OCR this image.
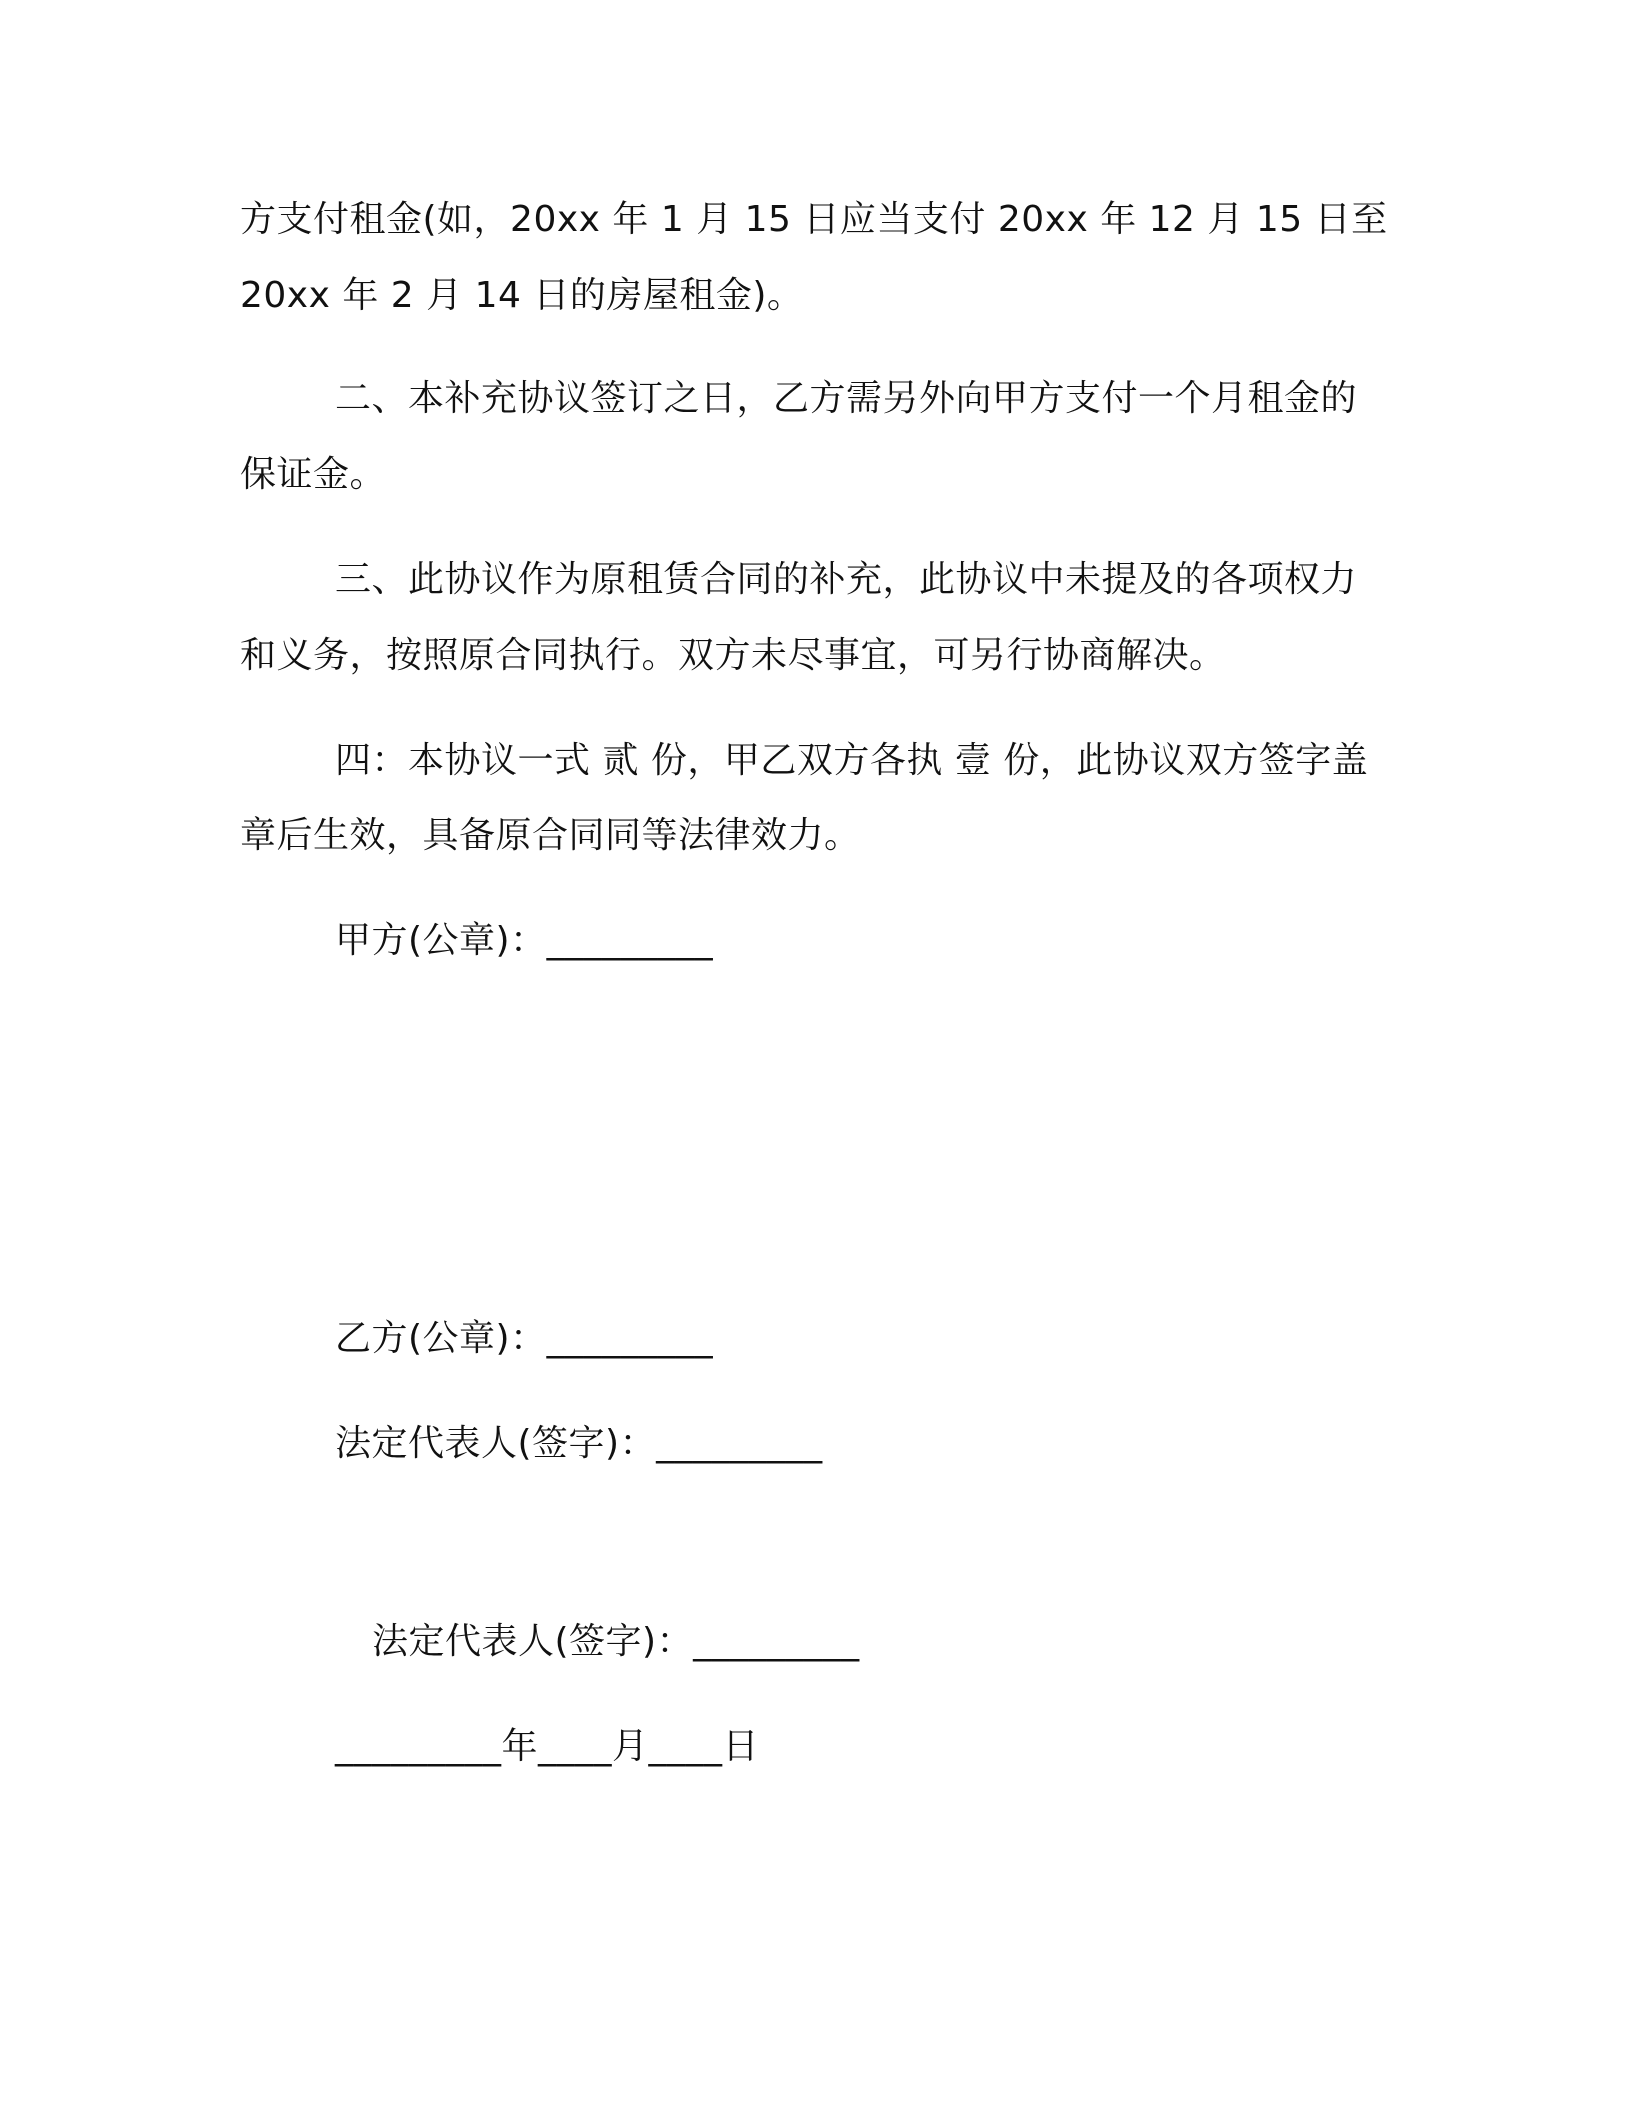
方支付租金(如，20xx 年 1 月 15 日应当支付 20xx 年 12 月 15 日至
20xx 年 2 月 14 日的房屋租金)。
二、本补充协议签订之日，乙方需另外向甲方支付一个月租金的
保证金。
三、此协议作为原租赁合同的补充，此协议中未提及的各项权力
和义务，按照原合同执行。双方未尽事宜，可另行协商解决。
四：本协议一式 贰 份，甲乙双方各执 壹 份，此协议双方签字盖
章后生效，具备原合同同等法律效力。
甲方(公章)：_________
乙方(公章)：_________
法定代表人(签字)：_________
法定代表人(签字)：_________
_________年____月____日
